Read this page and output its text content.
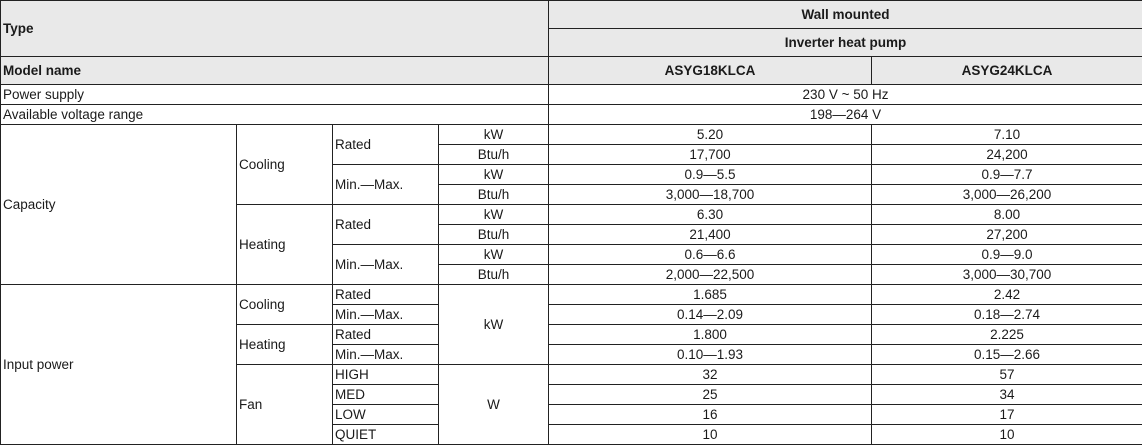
Type				Wall mounted	
				Inverter heat pump	
Model name				ASYG18KLCA	ASYG24KLCA
Power supply				230 V ~ 50 Hz	
Available voltage range				198—264 V	
Capacity	Cooling	Rated	kW	5.20	7.10
			Btu/h	17,700	24,200
		Min.—Max.	kW	0.9—5.5	0.9—7.7
			Btu/h	3,000—18,700	3,000—26,200
	Heating	Rated	kW	6.30	8.00
			Btu/h	21,400	27,200
		Min.—Max.	kW	0.6—6.6	0.9—9.0
			Btu/h	2,000—22,500	3,000—30,700
Input power	Cooling	Rated	kW	1.685	2.42
		Min.—Max.		0.14—2.09	0.18—2.74
	Heating	Rated		1.800	2.225
		Min.—Max.		0.10—1.93	0.15—2.66
	Fan	HIGH	W	32	57
		MED		25	34
		LOW		16	17
		QUIET		10	10
